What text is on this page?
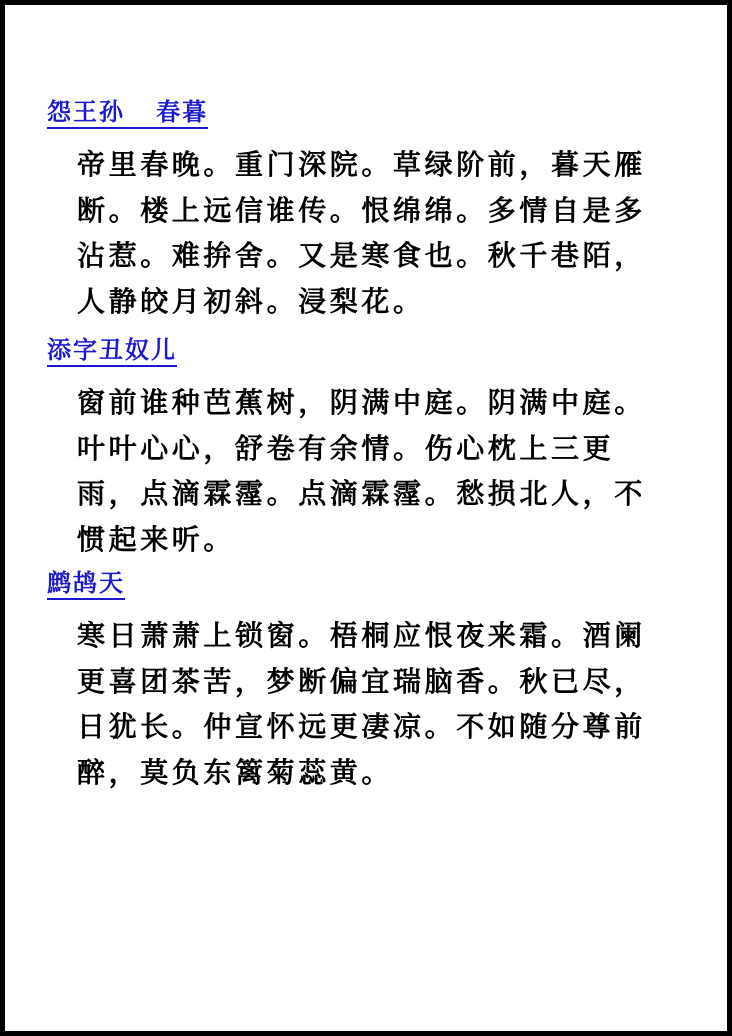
怨王孙   春暮

帝里春晚。重门深院。草绿阶前，暮天雁断。楼上远信谁传。恨绵绵。多情自是多沾惹。难拚舍。又是寒食也。秋千巷陌，人静皎月初斜。浸梨花。

添字丑奴儿

窗前谁种芭蕉树，阴满中庭。阴满中庭。叶叶心心，舒卷有余情。伤心枕上三更雨，点滴霖霪。点滴霖霪。愁损北人，不惯起来听。

鹧鸪天

寒日萧萧上锁窗。梧桐应恨夜来霜。酒阑更喜团茶苦，梦断偏宜瑞脑香。秋已尽，日犹长。仲宣怀远更凄凉。不如随分尊前醉，莫负东篱菊蕊黄。
